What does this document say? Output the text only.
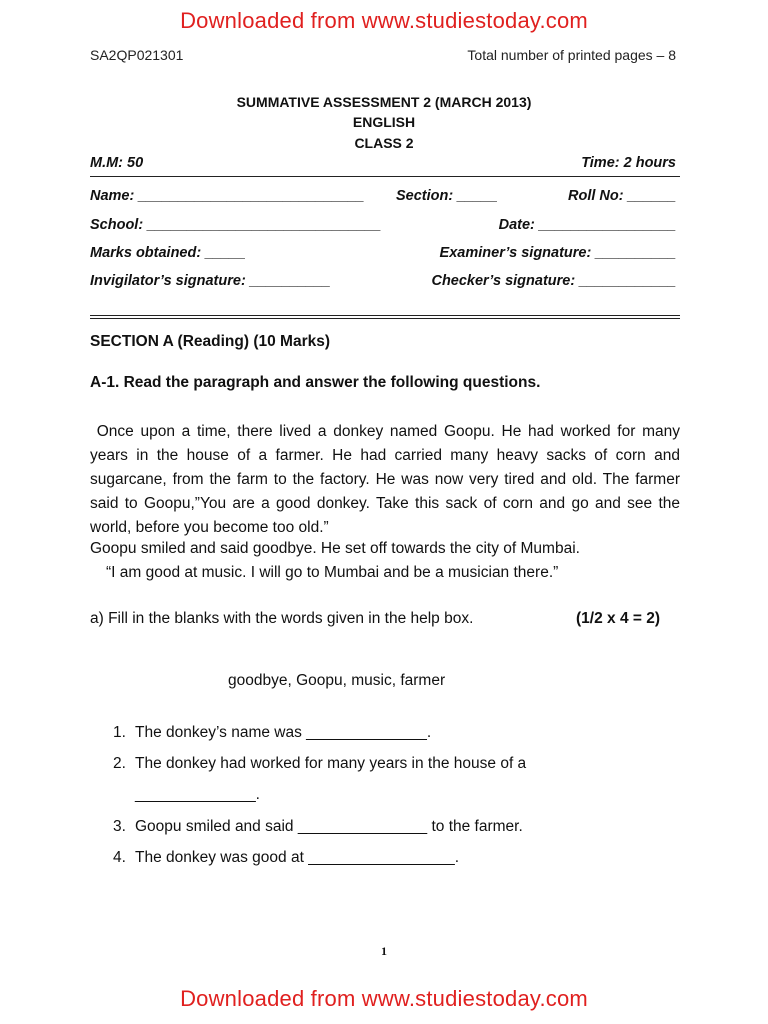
Downloaded from www.studiestoday.com
SA2QP021301	Total number of printed pages – 8
SUMMATIVE ASSESSMENT 2 (MARCH 2013)
ENGLISH
CLASS 2
M.M: 50	Time: 2 hours
Name: ____________________________ Section: _____	Roll No: ______
School: _____________________________	Date: _________________
Marks obtained: _____	Examiner’s signature: __________
Invigilator’s signature: __________	Checker’s signature: ____________
SECTION A (Reading) (10 Marks)
A-1. Read the paragraph and answer the following questions.
Once upon a time, there lived a donkey named Goopu. He had worked for many years in the house of a farmer. He had carried many heavy sacks of corn and sugarcane, from the farm to the factory. He was now very tired and old. The farmer said to Goopu,”You are a good donkey. Take this sack of corn and go and see the world, before you become too old.”
Goopu smiled and said goodbye. He set off towards the city of Mumbai.
“I am good at music. I will go to Mumbai and be a musician there.”
a) Fill in the blanks with the words given in the help box.	(1/2 x 4 = 2)
goodbye, Goopu, music, farmer
1. The donkey’s name was ______________.
2. The donkey had worked for many years in the house of a
______________.
3. Goopu smiled and said _______________ to the farmer.
4. The donkey was good at _________________.
1
Downloaded from www.studiestoday.com
